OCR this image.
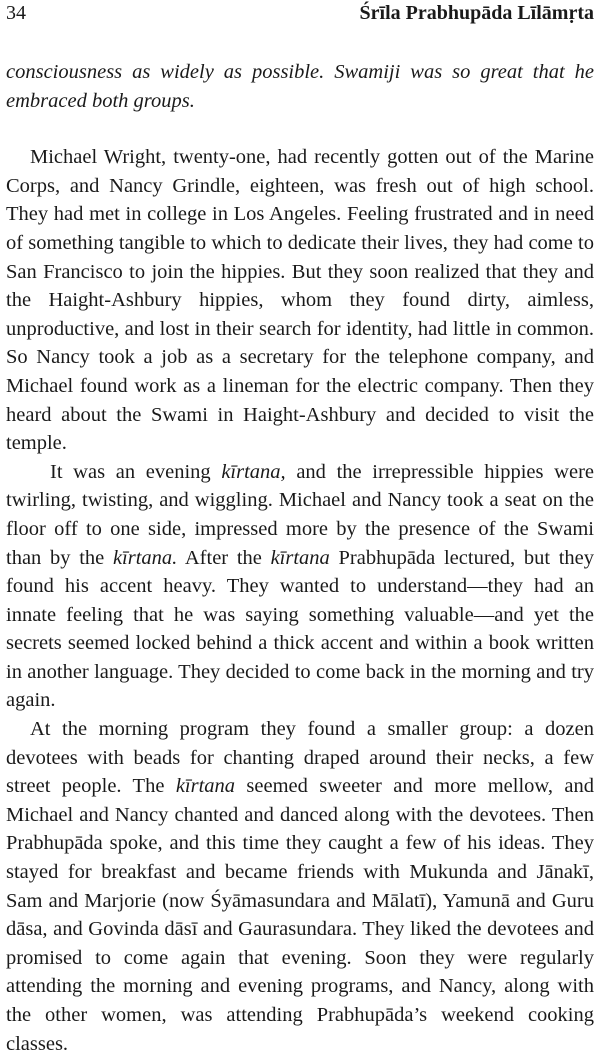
34	Śrīla Prabhupāda Līlāmṛta

consciousness as widely as possible. Swamiji was so great that he embraced both groups.

Michael Wright, twenty-one, had recently gotten out of the Marine Corps, and Nancy Grindle, eighteen, was fresh out of high school. They had met in college in Los Angeles. Feeling frustrated and in need of something tangible to which to dedicate their lives, they had come to San Francisco to join the hippies. But they soon realized that they and the Haight-Ashbury hippies, whom they found dirty, aimless, unproductive, and lost in their search for identity, had little in common. So Nancy took a job as a secretary for the telephone company, and Michael found work as a lineman for the electric company. Then they heard about the Swami in Haight-Ashbury and decided to visit the temple.

It was an evening kīrtana, and the irrepressible hippies were twirling, twisting, and wiggling. Michael and Nancy took a seat on the floor off to one side, impressed more by the presence of the Swami than by the kīrtana. After the kīrtana Prabhupāda lectured, but they found his accent heavy. They wanted to understand—they had an innate feeling that he was saying something valuable—and yet the secrets seemed locked behind a thick accent and within a book written in another language. They decided to come back in the morning and try again.

At the morning program they found a smaller group: a dozen devotees with beads for chanting draped around their necks, a few street people. The kīrtana seemed sweeter and more mellow, and Michael and Nancy chanted and danced along with the devotees. Then Prabhupāda spoke, and this time they caught a few of his ideas. They stayed for breakfast and became friends with Mukunda and Jānakī, Sam and Marjorie (now Śyāmasundara and Mālatī), Yamunā and Guru dāsa, and Govinda dāsī and Gaurasundara. They liked the devotees and promised to come again that evening. Soon they were regularly attending the morning and evening programs, and Nancy, along with the other women, was attending Prabhupāda’s weekend cooking classes.
